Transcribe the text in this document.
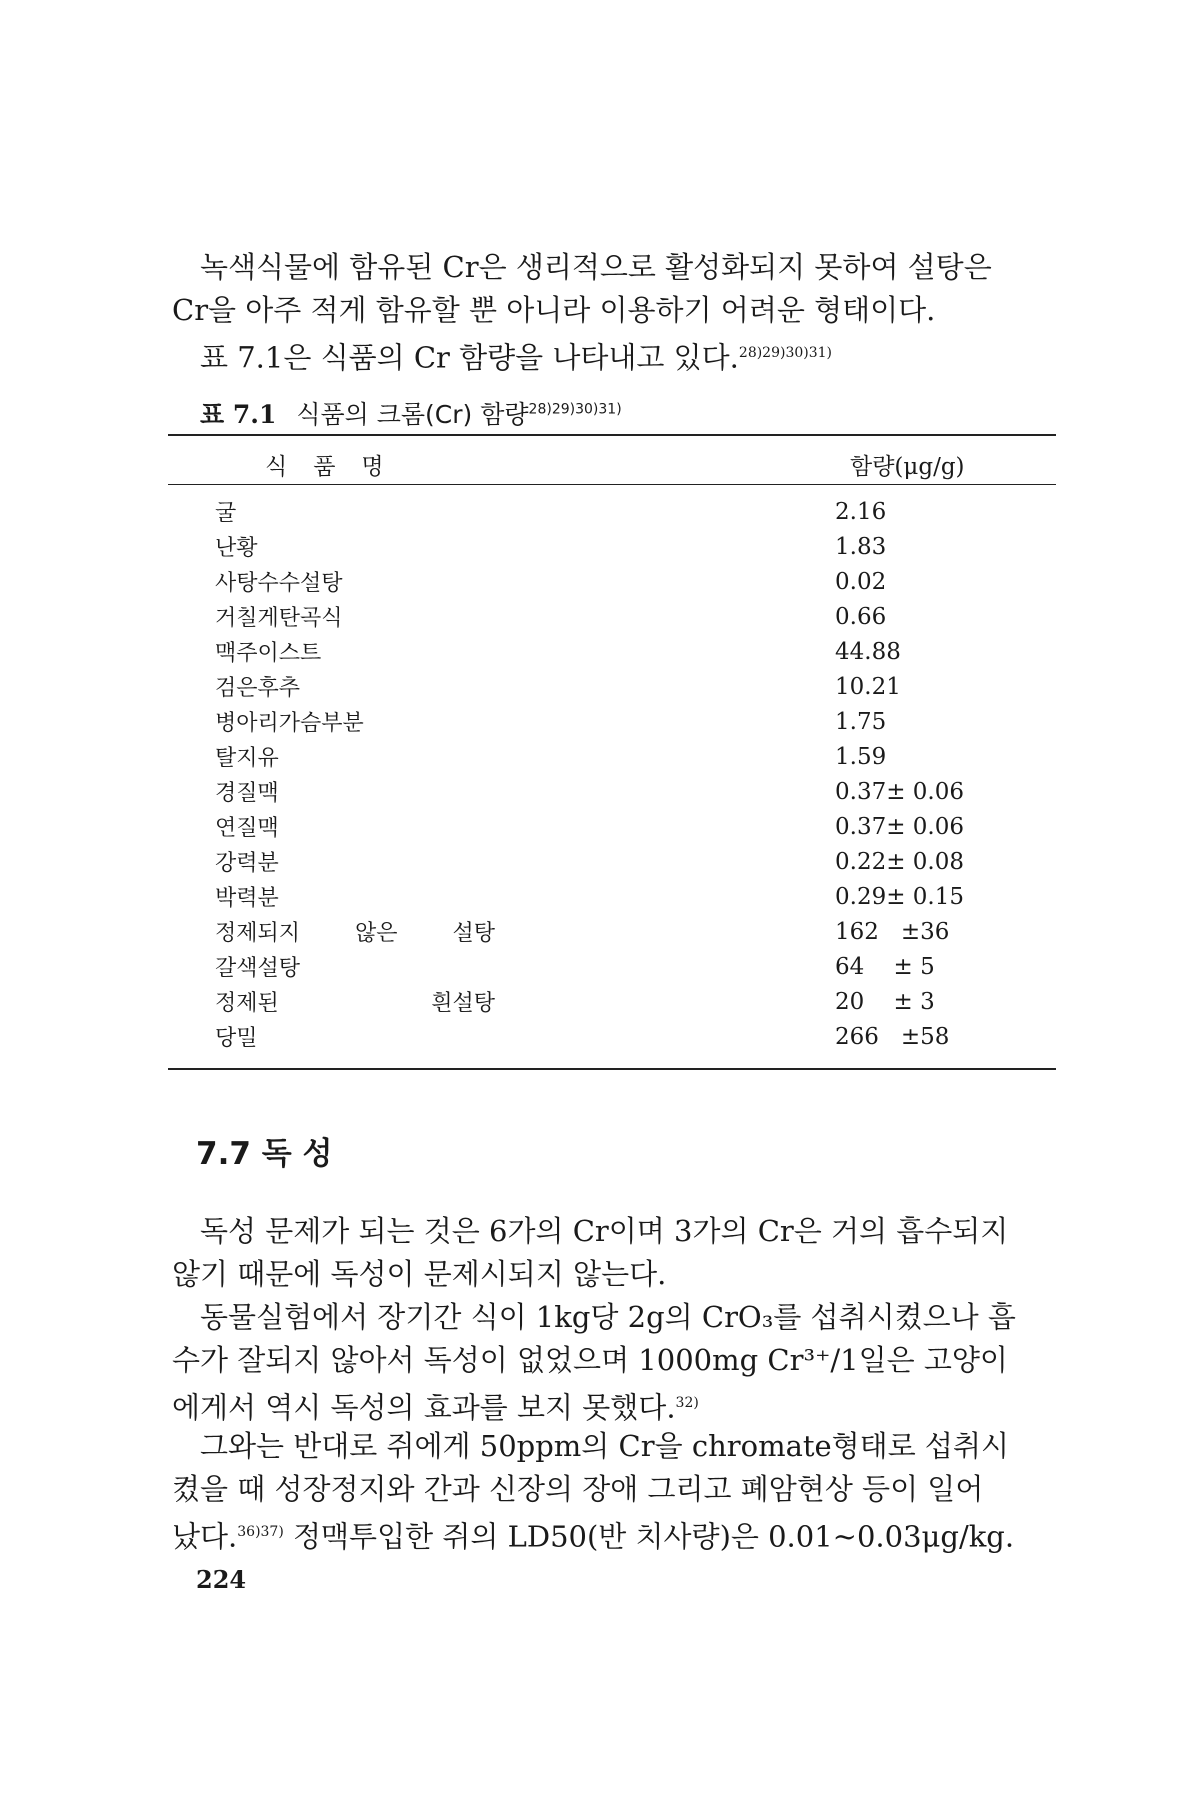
녹색식물에 함유된 Cr은 생리적으로 활성화되지 못하여 설탕은
Cr을 아주 적게 함유할 뿐 아니라 이용하기 어려운 형태이다.
표 7.1은 식품의 Cr 함량을 나타내고 있다.$^{28)29)30)31)}$
표 7.1 식품의 크롬(Cr) 함량$^{28)29)30)31)}$
식품명	함량(μg/g)
굴		2.16
난황		1.83
사탕수수설탕		0.02
거칠게탄곡식		0.66
맥주이스트		44.88
검은후추		10.21
병아리가슴부분		1.75
탈지유		1.59
경질맥		0.37± 0.06
연질맥		0.37± 0.06
강력분		0.22± 0.08
박력분		0.29± 0.15
정제되지 않은 설탕		162   ±36
갈색설탕		64    ± 5
정제된 흰설탕		20    ± 3
당밀		266   ±58
7.7 독 성
독성 문제가 되는 것은 6가의 Cr이며 3가의 Cr은 거의 흡수되지
않기 때문에 독성이 문제시되지 않는다.
동물실험에서 장기간 식이 1kg당 2g의 CrO₃를 섭취시켰으나 흡
수가 잘되지 않아서 독성이 없었으며 1000mg Cr³⁺/1일은 고양이
에게서 역시 독성의 효과를 보지 못했다.$^{32)}$
그와는 반대로 쥐에게 50ppm의 Cr을 chromate형태로 섭취시
켰을 때 성장정지와 간과 신장의 장애 그리고 폐암현상 등이 일어
났다.$^{36)37)}$ 정맥투입한 쥐의 LD50(반 치사량)은 0.01~0.03μg/kg.
224
